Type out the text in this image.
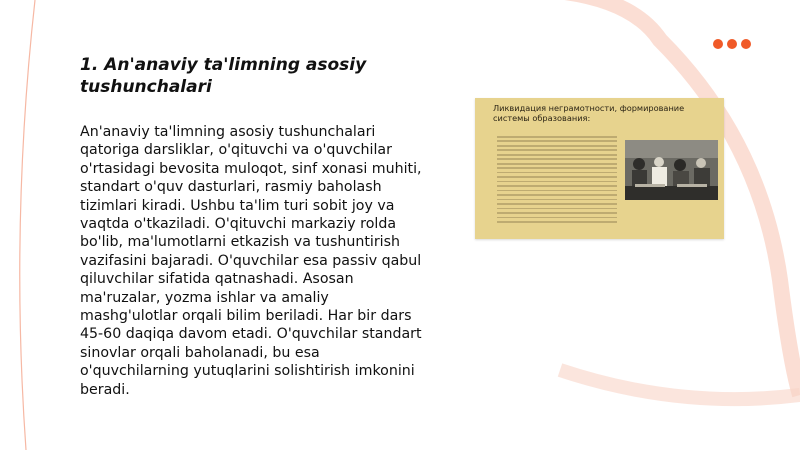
1. An'anaviy ta'limning asosiy tushunchalari

An'anaviy ta'limning asosiy tushunchalari qatoriga darsliklar, o'qituvchi va o'quvchilar o'rtasidagi bevosita muloqot, sinf xonasi muhiti, standart o'quv dasturlari, rasmiy baholash tizimlari kiradi. Ushbu ta'lim turi sobit joy va vaqtda o'tkaziladi. O'qituvchi markaziy rolda bo'lib, ma'lumotlarni etkazish va tushuntirish vazifasini bajaradi. O'quvchilar esa passiv qabul qiluvchilar sifatida qatnashadi. Asosan ma'ruzalar, yozma ishlar va amaliy mashg'ulotlar orqali bilim beriladi. Har bir dars 45-60 daqiqa davom etadi. O'quvchilar standart sinovlar orqali baholanadi, bu esa o'quvchilarning yutuqlarini solishtirish imkonini beradi.

Ликвидация неграмотности, формирование системы образования:
